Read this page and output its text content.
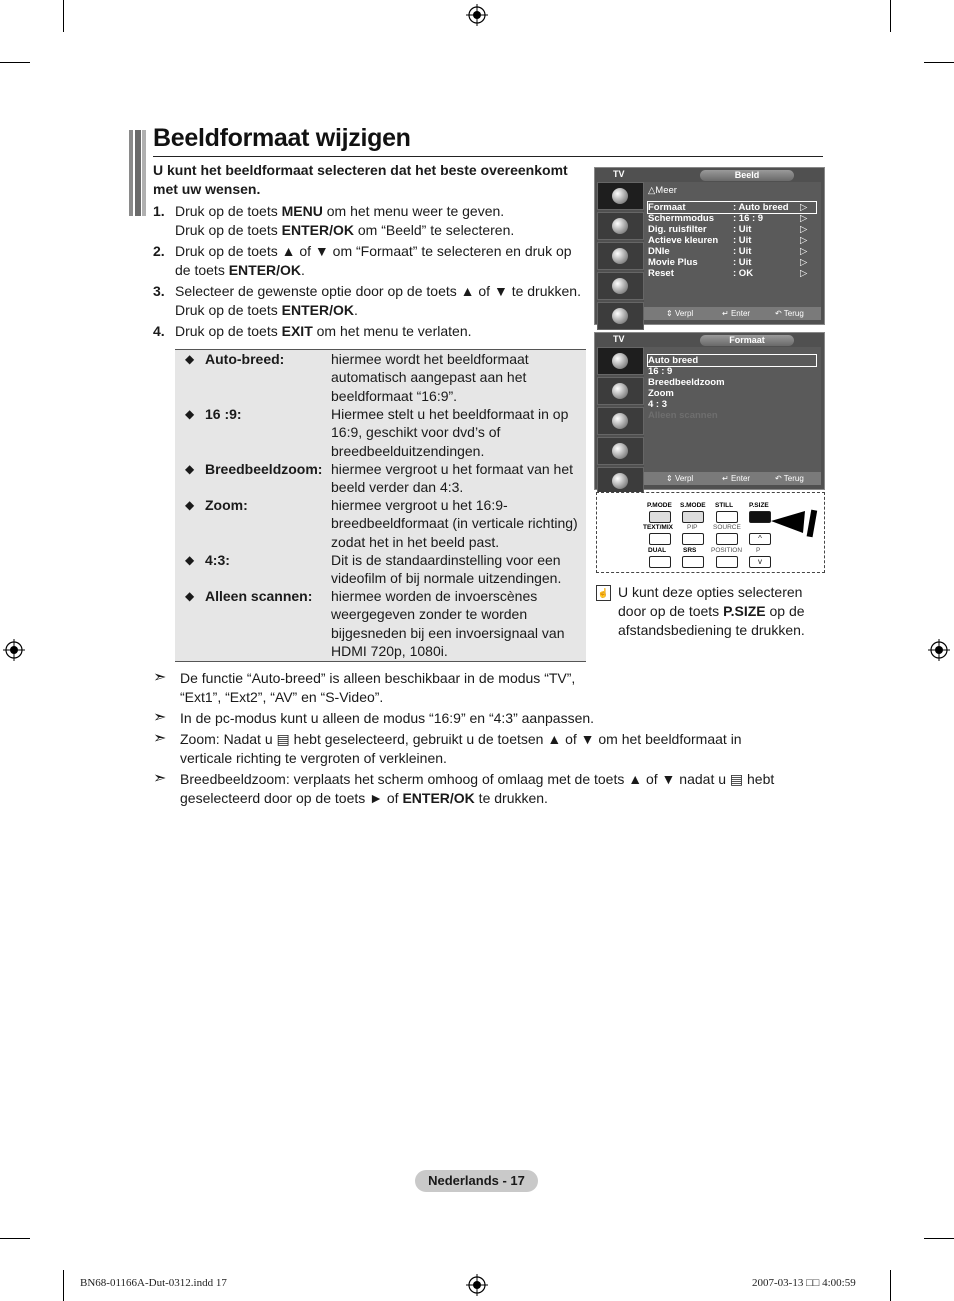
Beeldformaat wijzigen
U kunt het beeldformaat selecteren dat het beste overeenkomt met uw wensen.
1. Druk op de toets MENU om het menu weer te geven.
Druk op de toets ENTER/OK om “Beeld” te selecteren.
2. Druk op de toets ▲ of ▼ om “Formaat” te selecteren en druk op de toets ENTER/OK.
3. Selecteer de gewenste optie door op de toets ▲ of ▼ te drukken. Druk op de toets ENTER/OK.
4. Druk op de toets EXIT om het menu te verlaten.
◆ Auto-breed:	hiermee wordt het beeldformaat automatisch aangepast aan het beeldformaat “16:9”.
◆ 16 :9:	Hiermee stelt u het beeldformaat in op 16:9, geschikt voor dvd’s of breedbeelduitzendingen.
◆ Breedbeeldzoom: hiermee vergroot u het formaat van het beeld verder dan 4:3.
◆ Zoom:	hiermee vergroot u het 16:9-breedbeeldformaat (in verticale richting) zodat het in het beeld past.
◆ 4:3:	Dit is de standaardinstelling voor een videofilm of bij normale uitzendingen.
◆ Alleen scannen: hiermee worden de invoerscènes weergegeven zonder te worden bijgesneden bij een invoersignaal van HDMI 720p, 1080i.
➣ De functie “Auto-breed” is alleen beschikbaar in de modus “TV”, “Ext1”, “Ext2”, “AV” en “S-Video”.
➣ In de pc-modus kunt u alleen de modus “16:9” en “4:3” aanpassen.
➣ Zoom: Nadat u ▤ hebt geselecteerd, gebruikt u de toetsen ▲ of ▼ om het beeldformaat in verticale richting te vergroten of verkleinen.
➣ Breedbeeldzoom: verplaats het scherm omhoog of omlaag met de toets ▲ of ▼ nadat u ▤ hebt geselecteerd door op de toets ► of ENTER/OK te drukken.
TV	Beeld
△Meer
Formaat	: Auto breed ▷
Schermmodus : 16 : 9	▷
Dig. ruisfilter	: Uit	▷
Actieve kleuren : Uit	▷
DNIe	: Uit	▷
Movie Plus	: Uit	▷
Reset	: OK	▷
⇕ Verpl	↵ Enter	↶ Terug
TV	Formaat
Auto breed
16 : 9
Breedbeeldzoom
Zoom
4 : 3
Alleen scannen
⇕ Verpl	↵ Enter	↶ Terug
P.MODE S.MODE STILL P.SIZE
TEXT/MIX PIP SOURCE
^
DUAL	SRS POSITION P
v
☝ U kunt deze opties selecteren door op de toets P.SIZE op de afstandsbediening te drukken.
Nederlands - 17
BN68-01166A-Dut-0312.indd 17	2007-03-13 □□ 4:00:59
